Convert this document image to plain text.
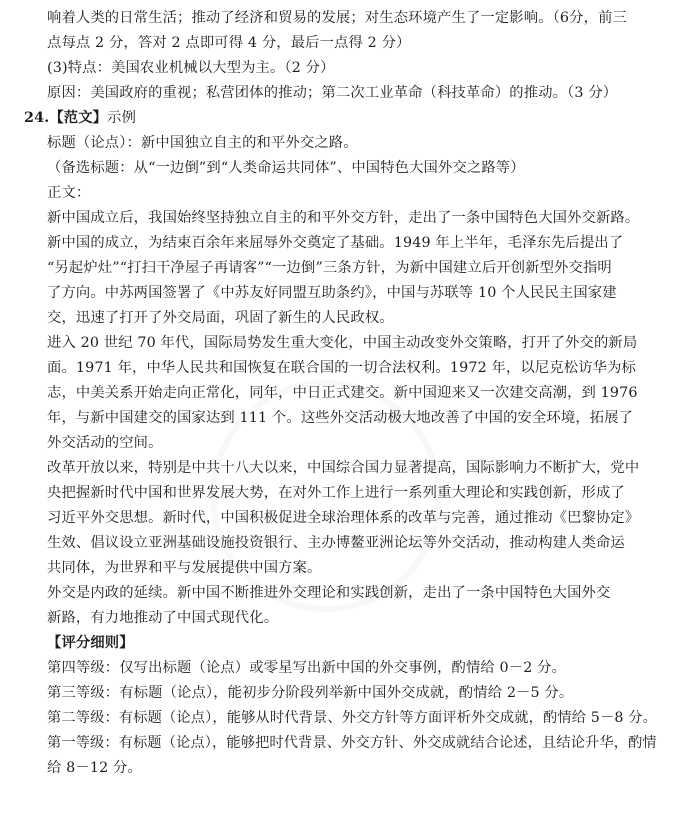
响着人类的日常生活；推动了经济和贸易的发展；对生态环境产生了一定影响。（6分，前三
点每点 2 分，答对 2 点即可得 4 分，最后一点得 2 分）
(3)特点：美国农业机械以大型为主。（2 分）
原因：美国政府的重视；私营团体的推动；第二次工业革命（科技革命）的推动。（3 分）
24.【范文】示例
标题（论点）：新中国独立自主的和平外交之路。
（备选标题：从“一边倒”到“人类命运共同体”、中国特色大国外交之路等）
正文：
新中国成立后，我国始终坚持独立自主的和平外交方针，走出了一条中国特色大国外交新路。
新中国的成立，为结束百余年来屈辱外交奠定了基础。1949 年上半年，毛泽东先后提出了
“另起炉灶”“打扫干净屋子再请客”“一边倒”三条方针，为新中国建立后开创新型外交指明
了方向。中苏两国签署了《中苏友好同盟互助条约》，中国与苏联等 10 个人民民主国家建
交，迅速了打开了外交局面，巩固了新生的人民政权。
进入 20 世纪 70 年代，国际局势发生重大变化，中国主动改变外交策略，打开了外交的新局
面。1971 年，中华人民共和国恢复在联合国的一切合法权利。1972 年，以尼克松访华为标
志，中美关系开始走向正常化，同年，中日正式建交。新中国迎来又一次建交高潮，到 1976
年，与新中国建交的国家达到 111 个。这些外交活动极大地改善了中国的安全环境，拓展了
外交活动的空间。
改革开放以来，特别是中共十八大以来，中国综合国力显著提高，国际影响力不断扩大，党中
央把握新时代中国和世界发展大势，在对外工作上进行一系列重大理论和实践创新，形成了
习近平外交思想。新时代，中国积极促进全球治理体系的改革与完善，通过推动《巴黎协定》
生效、倡议设立亚洲基础设施投资银行、主办博鳌亚洲论坛等外交活动，推动构建人类命运
共同体，为世界和平与发展提供中国方案。
外交是内政的延续。新中国不断推进外交理论和实践创新，走出了一条中国特色大国外交
新路，有力地推动了中国式现代化。
【评分细则】
第四等级：仅写出标题（论点）或零星写出新中国的外交事例，酌情给 0－2 分。
第三等级：有标题（论点），能初步分阶段列举新中国外交成就，酌情给 2－5 分。
第二等级：有标题（论点），能够从时代背景、外交方针等方面评析外交成就，酌情给 5－8 分。
第一等级：有标题（论点），能够把时代背景、外交方针、外交成就结合论述，且结论升华，酌情
给 8－12 分。
